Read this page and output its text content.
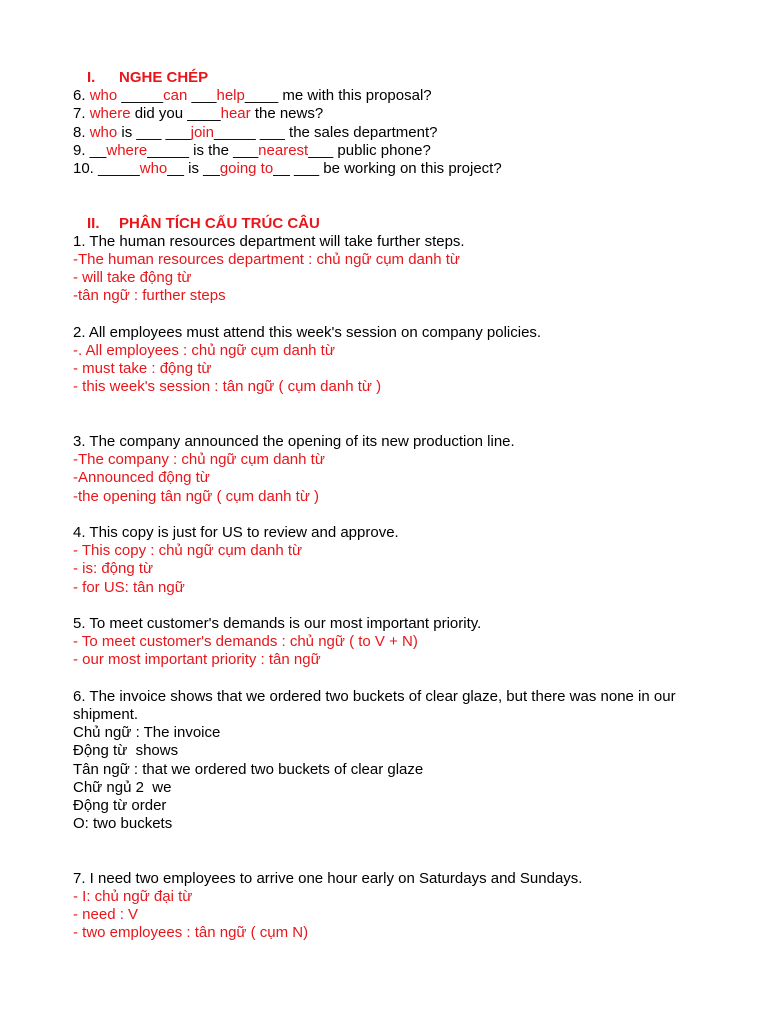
I. NGHE CHÉP
6. who _____can ___help____ me with this proposal?
7. where did you ____hear the news?
8. who is ___ ___join_____ ___ the sales department?
9. __where_____ is the ___nearest___ public phone?
10. _____who__ is __going to__ ___ be working on this project?
II. PHÂN TÍCH CẤU TRÚC CÂU
1. The human resources department will take further steps.
-The human resources department : chủ ngữ cụm danh từ
- will take động từ
-tân ngữ : further steps
2. All employees must attend this week's session on company policies.
-. All employees : chủ ngữ cụm danh từ
- must take : động từ
- this week's session : tân ngữ ( cụm danh từ )
3. The company announced the opening of its new production line.
-The company : chủ ngữ cụm danh từ
-Announced động từ
-the opening tân ngữ ( cụm danh từ )
4. This copy is just for US to review and approve.
- This copy : chủ ngữ cụm danh từ
- is: động từ
- for US: tân ngữ
5. To meet customer's demands is our most important priority.
- To meet customer's demands : chủ ngữ ( to V + N)
- our most important priority : tân ngữ
6. The invoice shows that we ordered two buckets of clear glaze, but there was none in our shipment.
Chủ ngữ : The invoice
Động từ  shows
Tân ngữ : that we ordered two buckets of clear glaze
Chữ ngủ 2  we
Động từ order
O: two buckets
7. I need two employees to arrive one hour early on Saturdays and Sundays.
- I: chủ ngữ đại từ
- need : V
- two employees : tân ngữ ( cụm N)
